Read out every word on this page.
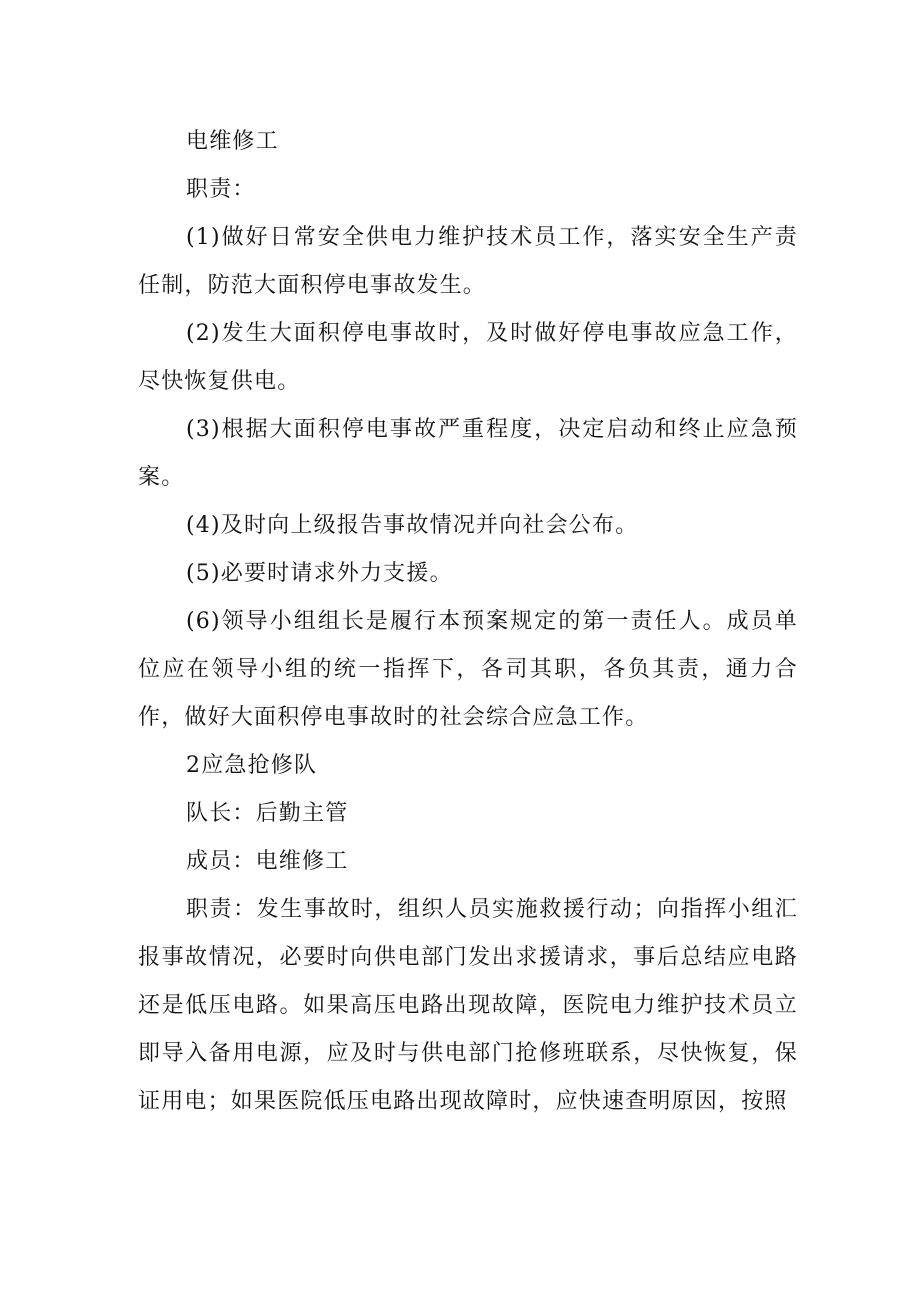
电维修工

职责：

(1)做好日常安全供电力维护技术员工作，落实安全生产责任制，防范大面积停电事故发生。

(2)发生大面积停电事故时，及时做好停电事故应急工作，尽快恢复供电。

(3)根据大面积停电事故严重程度，决定启动和终止应急预案。

(4)及时向上级报告事故情况并向社会公布。

(5)必要时请求外力支援。

(6)领导小组组长是履行本预案规定的第一责任人。成员单位应在领导小组的统一指挥下，各司其职，各负其责，通力合作，做好大面积停电事故时的社会综合应急工作。

2应急抢修队

队长：后勤主管

成员：电维修工

职责：发生事故时，组织人员实施救援行动；向指挥小组汇报事故情况，必要时向供电部门发出求援请求，事后总结应电路还是低压电路。如果高压电路出现故障，医院电力维护技术员立即导入备用电源，应及时与供电部门抢修班联系，尽快恢复，保证用电；如果医院低压电路出现故障时，应快速查明原因，按照
